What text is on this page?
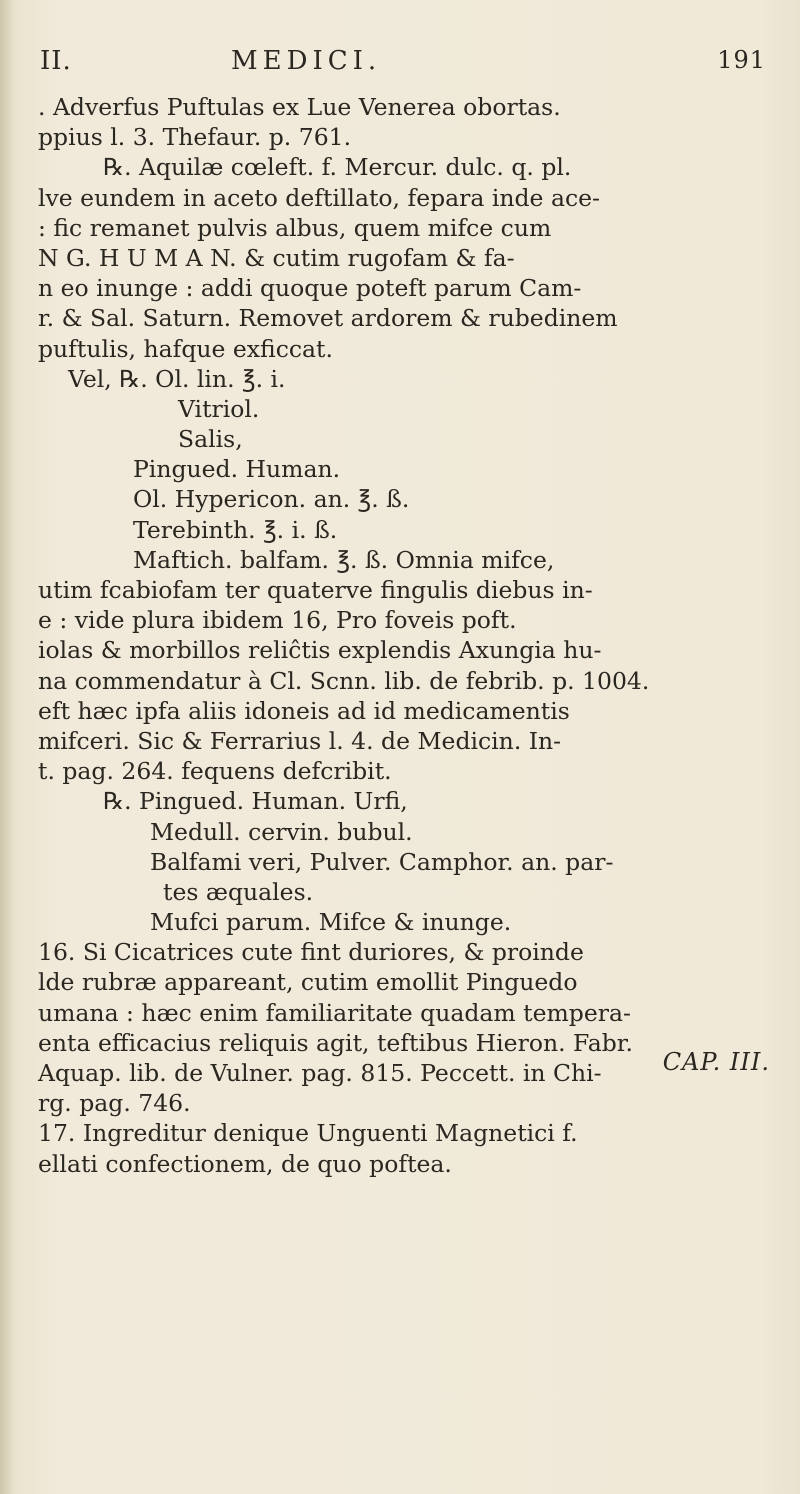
II.	MEDICI.	191
. Adverfus Puftulas ex Lue Venerea obortas.
ppius l. 3. Thefaur. p. 761.
℞. Aquilæ cœleft. f. Mercur. dulc. q. pl.
lve eundem in aceto deftillato, fepara inde ace-
: fic remanet pulvis albus, quem mifce cum
N G. H U M A N. & cutim rugofam & fa-
n eo inunge : addi quoque poteft parum Cam-
r. & Sal. Saturn. Removet ardorem & rubedinem
puftulis, hafque exficcat.
Vel, ℞. Ol. lin. ℥. i.
Vitriol.
Salis,
Pingued. Human.
Ol. Hypericon. an. ℥. ß.
Terebinth. ℥. i. ß.
Maftich. balfam. ℥. ß. Omnia mifce,
utim fcabiofam ter quaterve fingulis diebus in-
e : vide plura ibidem 16, Pro foveis poft.
iolas & morbillos reliĉtis explendis Axungia hu-
na commendatur à Cl. Scnn. lib. de febrib. p. 1004.
eft hæc ipfa aliis idoneis ad id medicamentis
mifceri. Sic & Ferrarius l. 4. de Medicin. In-
t. pag. 264. fequens defcribit.
℞. Pingued. Human. Urfi,
Medull. cervin. bubul.
Balfami veri, Pulver. Camphor. an. par-
tes æquales.
Mufci parum. Mifce & inunge.
16. Si Cicatrices cute fint duriores, & proinde
lde rubræ appareant, cutim emollit Pinguedo
umana : hæc enim familiaritate quadam tempera-
enta efficacius reliquis agit, teftibus Hieron. Fabr.
Aquap. lib. de Vulner. pag. 815. Peccett. in Chi-
rg. pag. 746.
17. Ingreditur denique Unguenti Magnetici f.
ellati confectionem, de quo poftea.
CAP. III.
